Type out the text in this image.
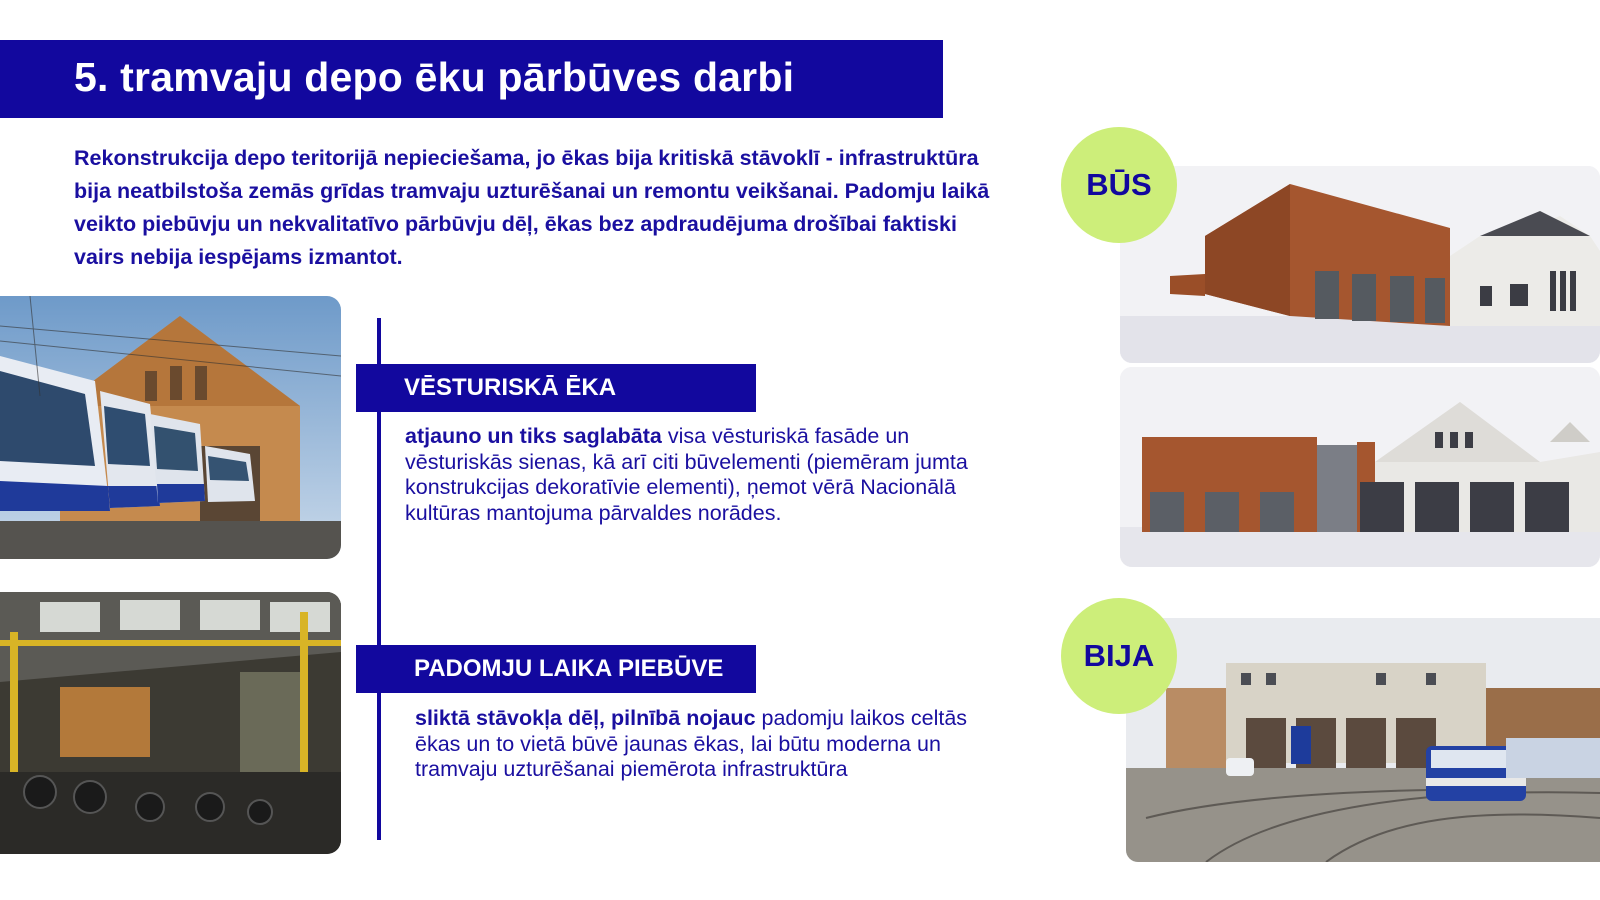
5. tramvaju depo ēku pārbūves darbi

Rekonstrukcija depo teritorijā nepieciešama, jo ēkas bija kritiskā stāvoklī - infrastruktūra bija neatbilstoša zemās grīdas tramvaju uzturēšanai un remontu veikšanai. Padomju laikā veikto piebūvju un nekvalitatīvo pārbūvju dēļ, ēkas bez apdraudējuma drošībai faktiski vairs nebija iespējams izmantot.

VĒSTURISKĀ ĒKA

atjauno un tiks saglabāta visa vēsturiskā fasāde un vēsturiskās sienas, kā arī citi būvelementi (piemēram jumta konstrukcijas dekoratīvie elementi), ņemot vērā Nacionālā kultūras mantojuma pārvaldes norādes.

PADOMJU LAIKA PIEBŪVE

sliktā stāvokļa dēļ, pilnībā nojauc padomju laikos celtās ēkas un to vietā būvē jaunas ēkas, lai būtu moderna un tramvaju uzturēšanai piemērota infrastruktūra

BŪS
BIJA
